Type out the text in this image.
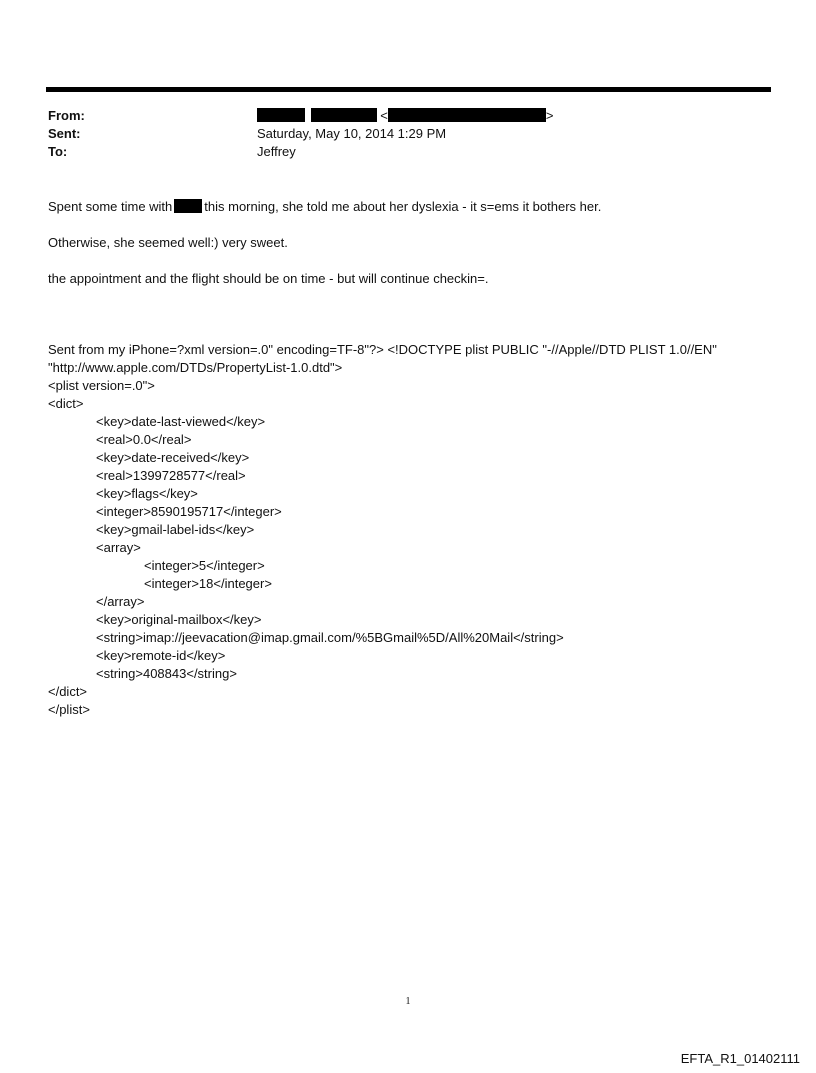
From:
Sent:
To:
<	>
Saturday, May 10, 2014 1:29 PM
Jeffrey
Spent some time with this morning, she told me about her dyslexia - it s=ems it bothers her.
Otherwise, she seemed well:) very sweet.
the appointment and the flight should be on time - but will continue checkin=.
Sent from my iPhone=?xml version=.0" encoding=TF-8"?> <!DOCTYPE plist PUBLIC "-//Apple//DTD PLIST 1.0//EN"
"http://www.apple.com/DTDs/PropertyList-1.0.dtd">
<plist version=.0">
<dict>
<key>date-last-viewed</key>
<real>0.0</real>
<key>date-received</key>
<real>1399728577</real>
<key>flags</key>
<integer>8590195717</integer>
<key>gmail-label-ids</key>
<array>
<integer>5</integer>
<integer>18</integer>
</array>
<key>original-mailbox</key>
<string>imap://jeevacation@imap.gmail.com/%5BGmail%5D/All%20Mail</string>
<key>remote-id</key>
<string>408843</string>
</dict>
</plist>
1
EFTA_R1_01402111
